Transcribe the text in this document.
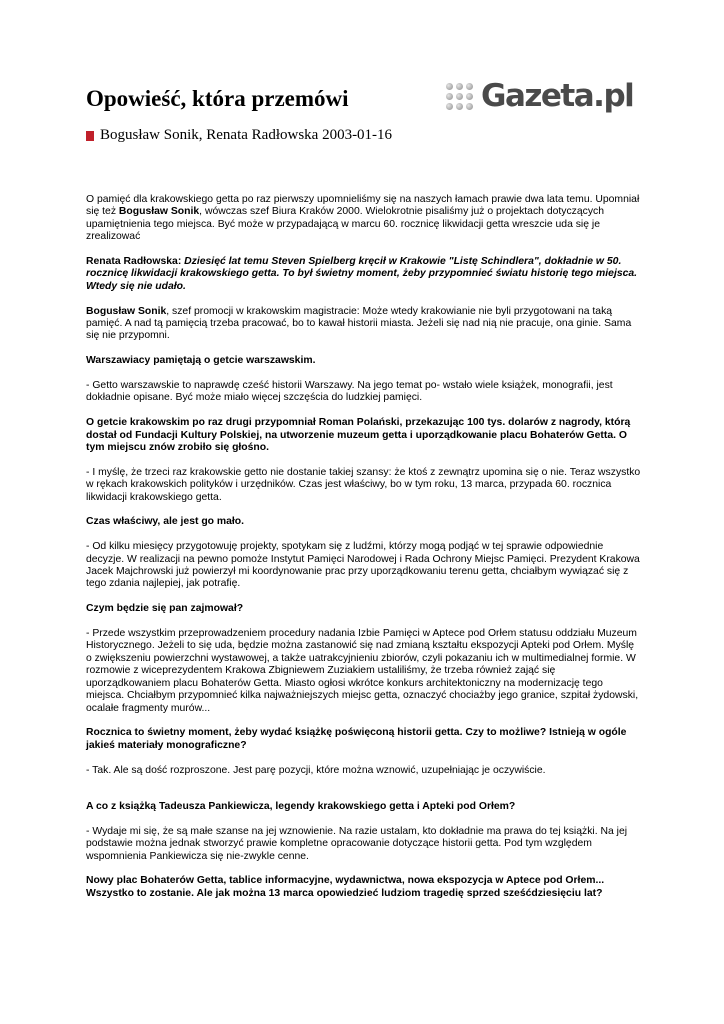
Opowieść, która przemówi
Bogusław Sonik, Renata Radłowska 2003-01-16
Gazeta.pl

O pamięć dla krakowskiego getta po raz pierwszy upomnieliśmy się na naszych łamach prawie dwa lata temu. Upomniał się też Bogusław Sonik, wówczas szef Biura Kraków 2000. Wielokrotnie pisaliśmy już o projektach dotyczących upamiętnienia tego miejsca. Być może w przypadającą w marcu 60. rocznicę likwidacji getta wreszcie uda się je zrealizować

Renata Radłowska: Dziesięć lat temu Steven Spielberg kręcił w Krakowie "Listę Schindlera", dokładnie w 50. rocznicę likwidacji krakowskiego getta. To był świetny moment, żeby przypomnieć światu historię tego miejsca. Wtedy się nie udało.

Bogusław Sonik, szef promocji w krakowskim magistracie: Może wtedy krakowianie nie byli przygotowani na taką pamięć. A nad tą pamięcią trzeba pracować, bo to kawał historii miasta. Jeżeli się nad nią nie pracuje, ona ginie. Sama się nie przypomni.

Warszawiacy pamiętają o getcie warszawskim.

- Getto warszawskie to naprawdę cześć historii Warszawy. Na jego temat po- wstało wiele książek, monografii, jest dokładnie opisane. Być może miało więcej szczęścia do ludzkiej pamięci.

O getcie krakowskim po raz drugi przypomniał Roman Polański, przekazując 100 tys. dolarów z nagrody, którą dostał od Fundacji Kultury Polskiej, na utworzenie muzeum getta i uporządkowanie placu Bohaterów Getta. O tym miejscu znów zrobiło się głośno.

- I myślę, że trzeci raz krakowskie getto nie dostanie takiej szansy: że ktoś z zewnątrz upomina się o nie. Teraz wszystko w rękach krakowskich polityków i urzędników. Czas jest właściwy, bo w tym roku, 13 marca, przypada 60. rocznica likwidacji krakowskiego getta.

Czas właściwy, ale jest go mało.

- Od kilku miesięcy przygotowuję projekty, spotykam się z ludźmi, którzy mogą podjąć w tej sprawie odpowiednie decyzje. W realizacji na pewno pomoże Instytut Pamięci Narodowej i Rada Ochrony Miejsc Pamięci. Prezydent Krakowa Jacek Majchrowski już powierzył mi koordynowanie prac przy uporządkowaniu terenu getta, chciałbym wywiązać się z tego zdania najlepiej, jak potrafię.

Czym będzie się pan zajmował?

- Przede wszystkim przeprowadzeniem procedury nadania Izbie Pamięci w Aptece pod Orłem statusu oddziału Muzeum Historycznego. Jeżeli to się uda, będzie można zastanowić się nad zmianą kształtu ekspozycji Apteki pod Orłem. Myślę o zwiększeniu powierzchni wystawowej, a także uatrakcyjnieniu zbiorów, czyli pokazaniu ich w multimedialnej formie. W rozmowie z wiceprezydentem Krakowa Zbigniewem Zuziakiem ustaliliśmy, że trzeba również zająć się uporządkowaniem placu Bohaterów Getta. Miasto ogłosi wkrótce konkurs architektoniczny na modernizację tego miejsca. Chciałbym przypomnieć kilka najważniejszych miejsc getta, oznaczyć chociażby jego granice, szpitał żydowski, ocalałe fragmenty murów...

Rocznica to świetny moment, żeby wydać książkę poświęconą historii getta. Czy to możliwe? Istnieją w ogóle jakieś materiały monograficzne?

- Tak. Ale są dość rozproszone. Jest parę pozycji, które można wznowić, uzupełniając je oczywiście.

A co z książką Tadeusza Pankiewicza, legendy krakowskiego getta i Apteki pod Orłem?

- Wydaje mi się, że są małe szanse na jej wznowienie. Na razie ustalam, kto dokładnie ma prawa do tej książki. Na jej podstawie można jednak stworzyć prawie kompletne opracowanie dotyczące historii getta. Pod tym względem wspomnienia Pankiewicza się nie-zwykle cenne.

Nowy plac Bohaterów Getta, tablice informacyjne, wydawnictwa, nowa ekspozycja w Aptece pod Orłem... Wszystko to zostanie. Ale jak można 13 marca opowiedzieć ludziom tragedię sprzed sześćdziesięciu lat?
